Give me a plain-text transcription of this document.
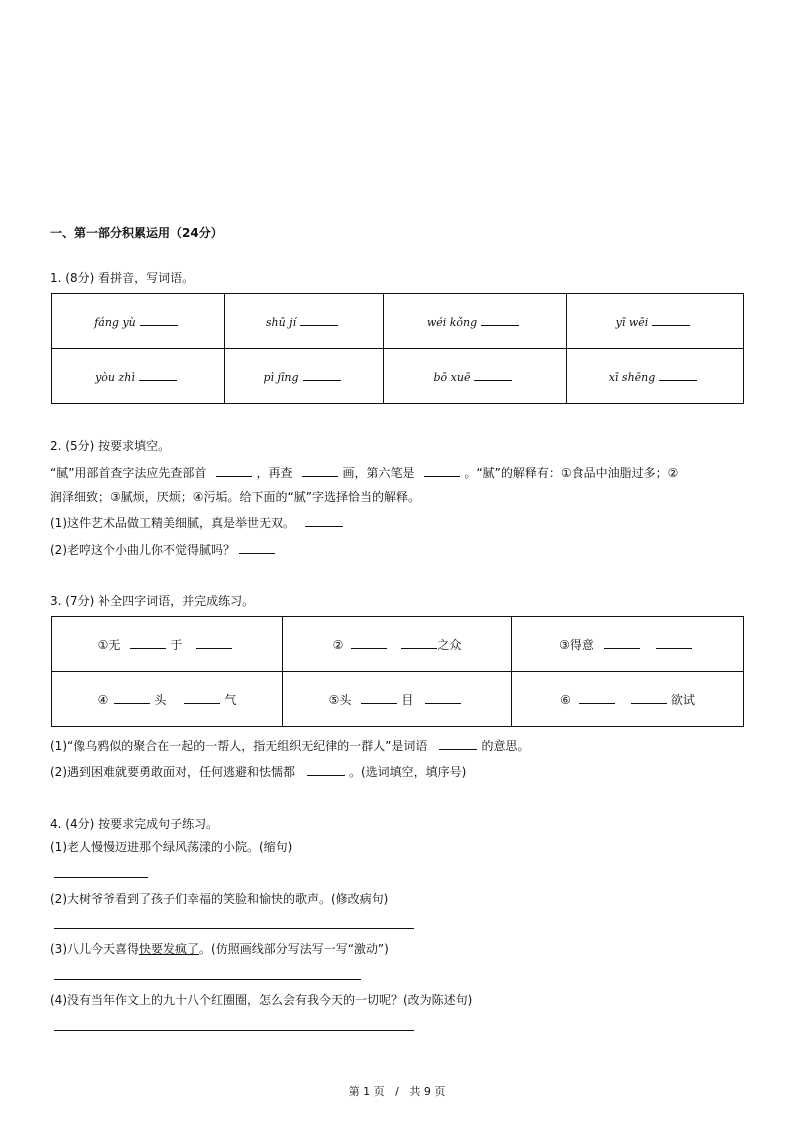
一、第一部分积累运用（24分）
1. (8分) 看拼音，写词语。
fáng yù	shū jí	wéi kǒng	yī wēi
yòu zhì	pì jīng	bō xuē	xī shēng
2. (5分) 按要求填空。
“腻”用部首查字法应先查部首	，再查	画，第六笔是	。“腻”的解释有：①食品中油脂过多；②
润泽细致；③腻烦，厌烦；④污垢。给下面的“腻”字选择恰当的解释。
(1)这件艺术品做工精美细腻，真是举世无双。
(2)老哼这个小曲儿你不觉得腻吗？
3. (7分) 补全四字词语，并完成练习。
①无 于	② 之众	③得意
④ 头 气	⑤头 目	⑥ 欲试
(1)“像乌鸦似的聚合在一起的一帮人，指无组织无纪律的一群人”是词语	的意思。
(2)遇到困难就要勇敢面对，任何逃避和怯懦都	。(选词填空，填序号)
4. (4分) 按要求完成句子练习。
(1)老人慢慢迈进那个绿风荡漾的小院。(缩句)
(2)大树爷爷看到了孩子们幸福的笑脸和愉快的歌声。(修改病句)
(3)八儿今天喜得快要发疯了。(仿照画线部分写法写一写“激动”)
(4)没有当年作文上的九十八个红圈圈，怎么会有我今天的一切呢？(改为陈述句)
第 1 页   /   共 9 页
